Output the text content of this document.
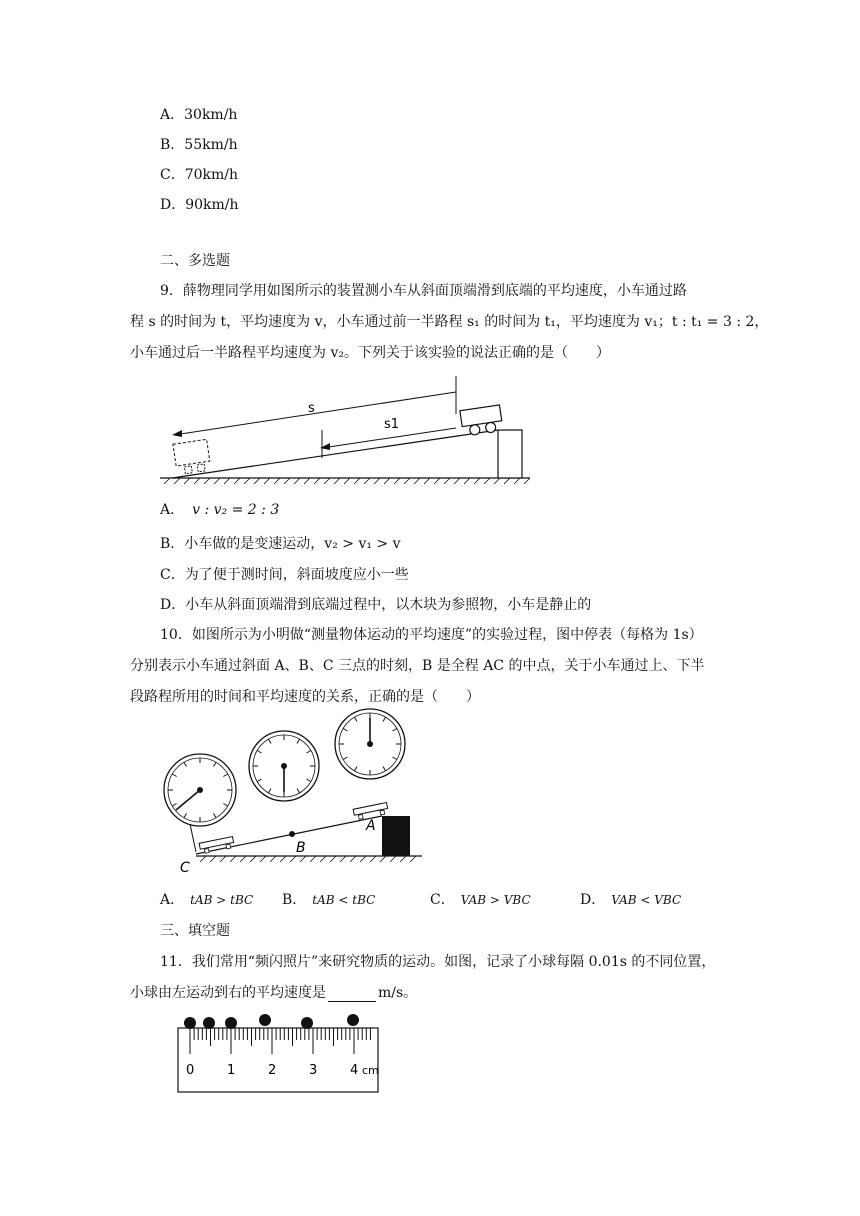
A．30km/h
B．55km/h
C．70km/h
D．90km/h
二、多选题
9．薛物理同学用如图所示的装置测小车从斜面顶端滑到底端的平均速度，小车通过路
程 s 的时间为 t，平均速度为 v，小车通过前一半路程 s₁ 的时间为 t₁，平均速度为 v₁；t : t₁ = 3 : 2，
小车通过后一半路程平均速度为 v₂。下列关于该实验的说法正确的是（　　）
s
s1
A． v : v₂ = 2 : 3
B．小车做的是变速运动，v₂ > v₁ > v
C．为了便于测时间，斜面坡度应小一些
D．小车从斜面顶端滑到底端过程中，以木块为参照物，小车是静止的
10．如图所示为小明做“测量物体运动的平均速度”的实验过程，图中停表（每格为 1s）
分别表示小车通过斜面 A、B、C 三点的时刻，B 是全程 AC 的中点，关于小车通过上、下半
段路程所用的时间和平均速度的关系，正确的是（　　）
B
A
C
A． tAB > tBC B． tAB < tBC	C． VAB > VBC	D． VAB < VBC
三、填空题
11．我们常用“频闪照片”来研究物质的运动。如图，记录了小球每隔 0.01s 的不同位置，
小球由左运动到右的平均速度是	m/s。
0	1	2	3	4 cm
